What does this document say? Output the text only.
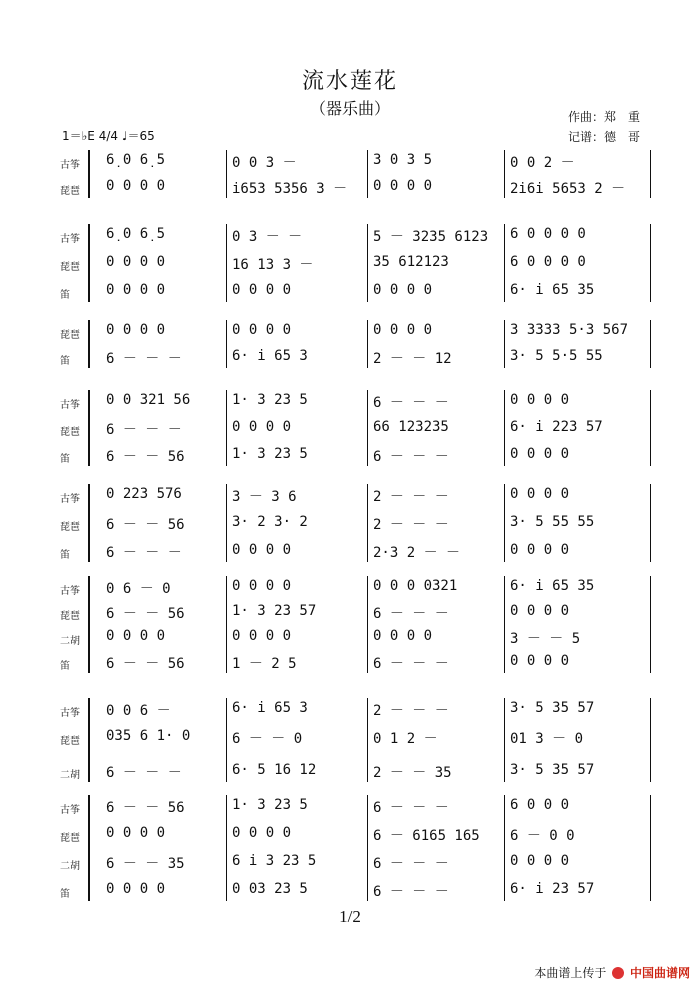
流水莲花
（器乐曲）	作曲：郑　重
记谱：德　哥
1＝♭E 4/4 ♩＝65
古筝	6̣ 0 6̣ 5	0 0 3 －	3 0 3 5	0 0 2 －
琵琶	0 0 0 0	i653 5356 3 －	0 0 0 0	2i6i 5653 2 －
古筝	6̣ 0 6̣ 5	0 3 － －	5 － 3235 6123	6 0 0 0 0
琵琶	0 0 0 0	16 13 3 －	35 612123	6 0 0 0 0
笛	0 0 0 0	0 0 0 0	0 0 0 0	6· i 65 35
琵琶	0 0 0 0	0 0 0 0	0 0 0 0	3 3333 5·3 567
笛	6 － － －	6· i 65 3	2 － － 12	3· 5 5·5 55
古筝	0 0 321 56	1· 3 23 5	6 － － －	0 0 0 0
琵琶	6 － － －	0 0 0 0	66 123235	6· i 223 57
笛	6 － － 56	1· 3 23 5	6 － － －	0 0 0 0
古筝	0 223 576	3 － 3 6	2 － － －	0 0 0 0
琵琶	6 － － 56	3· 2 3· 2	2 － － －	3· 5 55 55
笛	6 － － －	0 0 0 0	2·3 2 － －	0 0 0 0
古筝	0 6 － 0	0 0 0 0	0 0 0 0321	6· i 65 35
琵琶	6 － － 56	1· 3 23 57	6 － － －	0 0 0 0
二胡	0 0 0 0	0 0 0 0	0 0 0 0	3 － － 5
笛	6 － － 56	1 － 2 5	6 － － －	0 0 0 0
古筝	0 0 6 －	6· i 65 3	2 － － －	3· 5 35 57
琵琶	035 6 1· 0	6 － － 0	0 1 2 －	01 3 － 0
二胡	6 － － －	6· 5 16 12	2 － － 35	3· 5 35 57
古筝	6 － － 56	1· 3 23 5	6 － － －	6 0 0 0
琵琶	0 0 0 0	0 0 0 0	6 － 6165 165	6 － 0 0
二胡	6 － － 35	6 i 3 23 5	6 － － －	0 0 0 0
笛	0 0 0 0	0 03 23 5	6 － － －	6· i 23 57
1/2
本曲谱上传于 中国曲谱网
